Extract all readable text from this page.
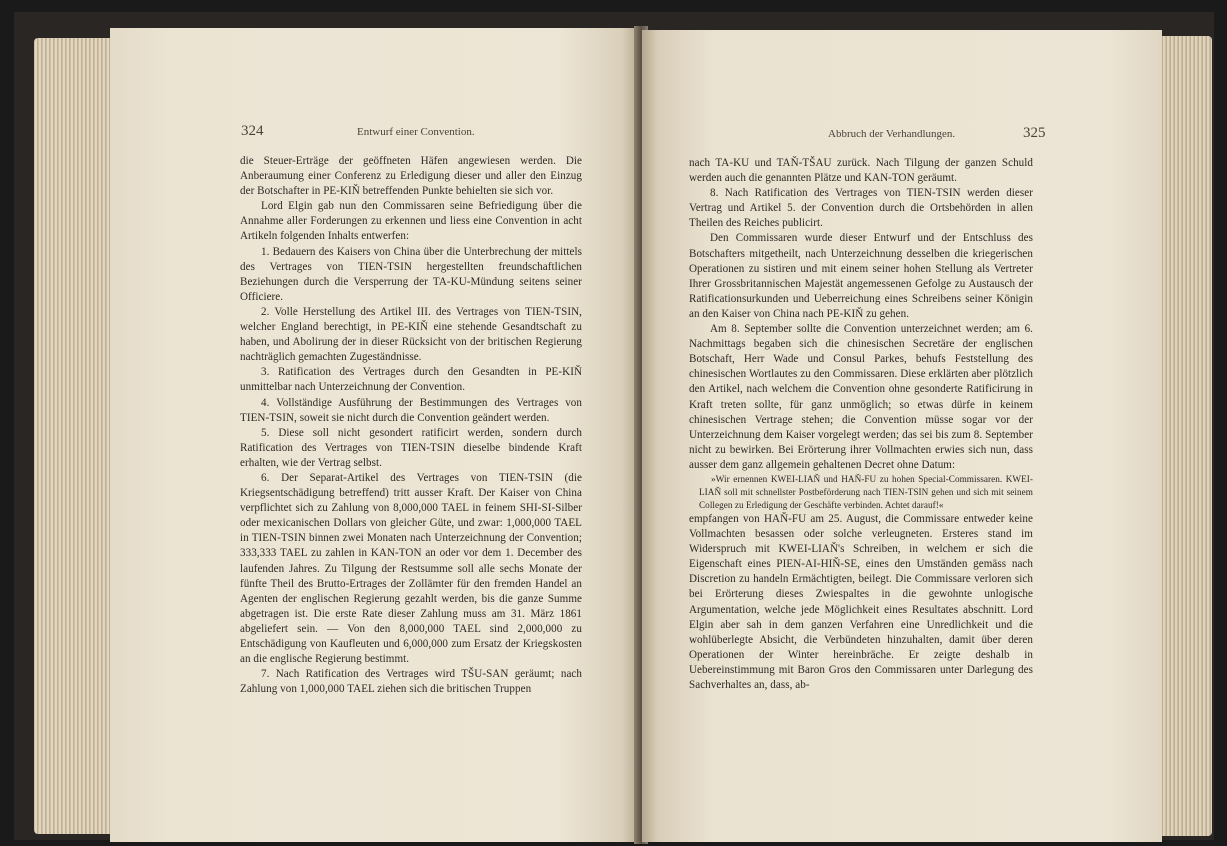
324	Entwurf einer Convention.

die Steuer-Erträge der geöffneten Häfen angewiesen werden. Die Anberaumung einer Conferenz zu Erledigung dieser und aller den Einzug der Botschafter in PE-KIŇ betreffenden Punkte behielten sie sich vor.

Lord Elgin gab nun den Commissaren seine Befriedigung über die Annahme aller Forderungen zu erkennen und liess eine Convention in acht Artikeln folgenden Inhalts entwerfen:

1. Bedauern des Kaisers von China über die Unterbrechung der mittels des Vertrages von TIEN-TSIN hergestellten freundschaftlichen Beziehungen durch die Versperrung der TA-KU-Mündung seitens seiner Officiere.

2. Volle Herstellung des Artikel III. des Vertrages von TIEN-TSIN, welcher England berechtigt, in PE-KIŇ eine stehende Gesandtschaft zu haben, und Abolirung der in dieser Rücksicht von der britischen Regierung nachträglich gemachten Zugeständnisse.

3. Ratification des Vertrages durch den Gesandten in PE-KIŇ unmittelbar nach Unterzeichnung der Convention.

4. Vollständige Ausführung der Bestimmungen des Vertrages von TIEN-TSIN, soweit sie nicht durch die Convention geändert werden.

5. Diese soll nicht gesondert ratificirt werden, sondern durch Ratification des Vertrages von TIEN-TSIN dieselbe bindende Kraft erhalten, wie der Vertrag selbst.

6. Der Separat-Artikel des Vertrages von TIEN-TSIN (die Kriegsentschädigung betreffend) tritt ausser Kraft. Der Kaiser von China verpflichtet sich zu Zahlung von 8,000,000 TAEL in feinem SHI-SI-Silber oder mexicanischen Dollars von gleicher Güte, und zwar: 1,000,000 TAEL in TIEN-TSIN binnen zwei Monaten nach Unterzeichnung der Convention; 333,333 TAEL zu zahlen in KAN-TON an oder vor dem 1. December des laufenden Jahres. Zu Tilgung der Restsumme soll alle sechs Monate der fünfte Theil des Brutto-Ertrages der Zollämter für den fremden Handel an Agenten der englischen Regierung gezahlt werden, bis die ganze Summe abgetragen ist. Die erste Rate dieser Zahlung muss am 31. März 1861 abgeliefert sein. — Von den 8,000,000 TAEL sind 2,000,000 zu Entschädigung von Kaufleuten und 6,000,000 zum Ersatz der Kriegskosten an die englische Regierung bestimmt.

7. Nach Ratification des Vertrages wird TŠU-SAN geräumt; nach Zahlung von 1,000,000 TAEL ziehen sich die britischen Truppen

Abbruch der Verhandlungen.	325

nach TA-KU und TAŇ-TŠAU zurück. Nach Tilgung der ganzen Schuld werden auch die genannten Plätze und KAN-TON geräumt.

8. Nach Ratification des Vertrages von TIEN-TSIN werden dieser Vertrag und Artikel 5. der Convention durch die Ortsbehörden in allen Theilen des Reiches publicirt.

Den Commissaren wurde dieser Entwurf und der Entschluss des Botschafters mitgetheilt, nach Unterzeichnung desselben die kriegerischen Operationen zu sistiren und mit einem seiner hohen Stellung als Vertreter Ihrer Grossbritannischen Majestät angemessenen Gefolge zu Austausch der Ratificationsurkunden und Ueberreichung eines Schreibens seiner Königin an den Kaiser von China nach PE-KIŇ zu gehen.

Am 8. September sollte die Convention unterzeichnet werden; am 6. Nachmittags begaben sich die chinesischen Secretäre der englischen Botschaft, Herr Wade und Consul Parkes, behufs Feststellung des chinesischen Wortlautes zu den Commissaren. Diese erklärten aber plötzlich den Artikel, nach welchem die Convention ohne gesonderte Ratificirung in Kraft treten sollte, für ganz unmöglich; so etwas dürfe in keinem chinesischen Vertrage stehen; die Convention müsse sogar vor der Unterzeichnung dem Kaiser vorgelegt werden; das sei bis zum 8. September nicht zu bewirken. Bei Erörterung ihrer Vollmachten erwies sich nun, dass ausser dem ganz allgemein gehaltenen Decret ohne Datum:

»Wir ernennen KWEI-LIAŇ und HAŇ-FU zu hohen Special-Commissaren. KWEI-LIAŇ soll mit schnellster Postbeförderung nach TIEN-TSIN gehen und sich mit seinem Collegen zu Erledigung der Geschäfte verbinden. Achtet darauf!«

empfangen von HAŇ-FU am 25. August, die Commissare entweder keine Vollmachten besassen oder solche verleugneten. Ersteres stand im Widerspruch mit KWEI-LIAŇ's Schreiben, in welchem er sich die Eigenschaft eines PIEN-AI-HIŇ-SE, eines den Umständen gemäss nach Discretion zu handeln Ermächtigten, beilegt. Die Commissare verloren sich bei Erörterung dieses Zwiespaltes in die gewohnte unlogische Argumentation, welche jede Möglichkeit eines Resultates abschnitt. Lord Elgin aber sah in dem ganzen Verfahren eine Unredlichkeit und die wohlüberlegte Absicht, die Verbündeten hinzuhalten, damit über deren Operationen der Winter hereinbräche. Er zeigte deshalb in Uebereinstimmung mit Baron Gros den Commissaren unter Darlegung des Sachverhaltes an, dass, ab-
